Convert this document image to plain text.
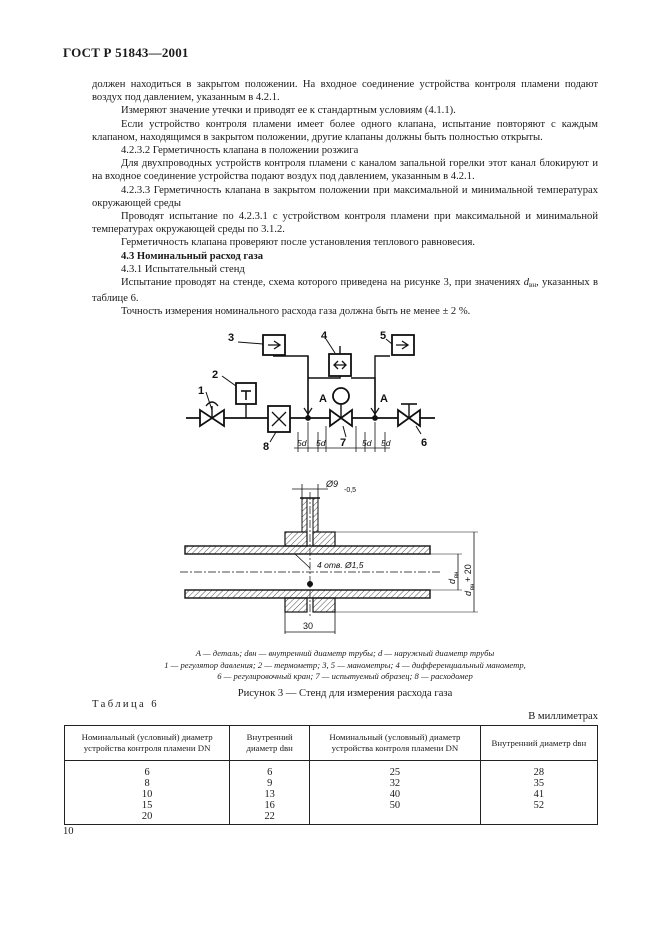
ГОСТ Р 51843—2001

должен находиться в закрытом положении. На входное соединение устройства контроля пламени подают воздух под давлением, указанным в 4.2.1.

Измеряют значение утечки и приводят ее к стандартным условиям (4.1.1).

Если устройство контроля пламени имеет более одного клапана, испытание повторяют с каждым клапаном, находящимся в закрытом положении, другие клапаны должны быть полностью открыты.

4.2.3.2 Герметичность клапана в положении розжига

Для двухпроводных устройств контроля пламени с каналом запальной горелки этот канал блокируют и на входное соединение устройства подают воздух под давлением, указанным в 4.2.1.

4.2.3.3 Герметичность клапана в закрытом положении при максимальной и минимальной температурах окружающей среды

Проводят испытание по 4.2.3.1 с устройством контроля пламени при максимальной и минимальной температурах окружающей среды по 3.1.2.

Герметичность клапана проверяют после установления теплового равновесия.

4.3 Номинальный расход газа

4.3.1 Испытательный стенд

Испытание проводят на стенде, схема которого приведена на рисунке 3, при значениях $d_{вн}$, указанных в таблице 6.

Точность измерения номинального расхода газа должна быть не менее ± 2 %.

1
2
3	4	5
6
7
8
A	A
5d 5d	5d 5d
Ø9
-0,5
4 отв. Ø1,5
30
d
вн
d
вн
+ 20
A — деталь; dвн — внутренний диаметр трубы; d — наружный диаметр трубы
1 — регулятор давления; 2 — термометр; 3, 5 — манометры; 4 — дифференциальный манометр,
6 — регулировочный кран; 7 — испытуемый образец; 8 — расходомер
Рисунок 3 — Стенд для измерения расхода газа
Таблица 6
В миллиметрах
Номинальный (условный) диаметр устройства контроля пламени DN	Внутренний диаметр dвн	Номинальный (условный) диаметр устройства контроля пламени DN	Внутренний диаметр dвн
6	6	25	28
8	9	32	35
10	13	40	41
15	16	50	52
20	22		
10
